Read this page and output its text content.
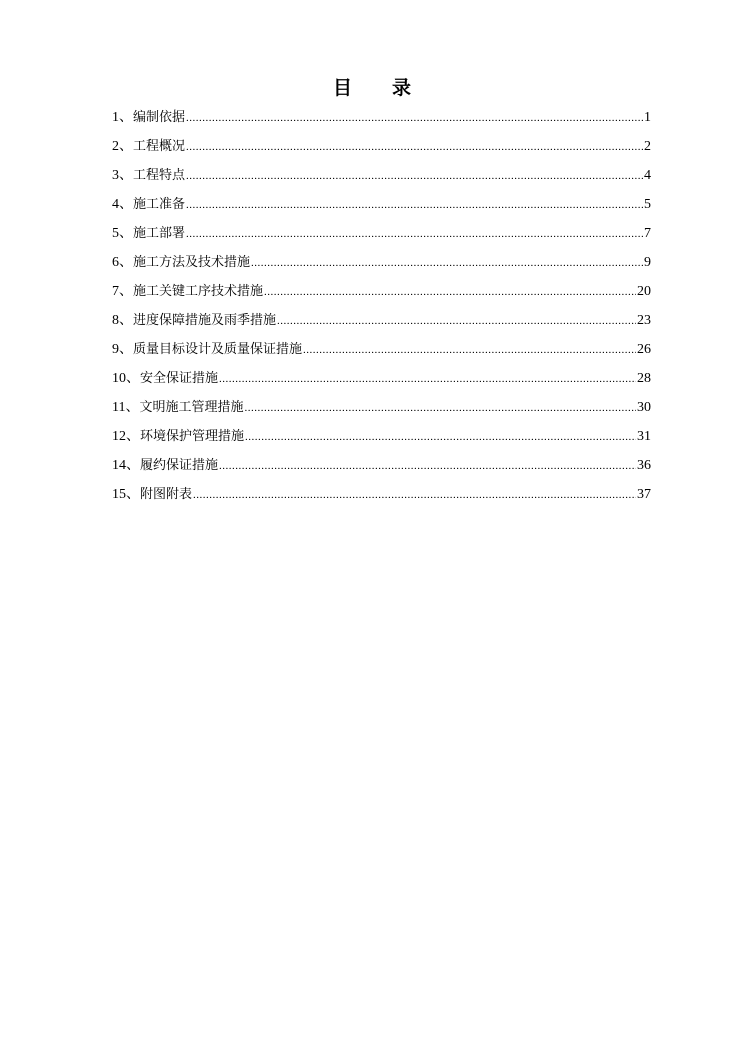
目 录
1、编制依据 .....	1
2、工程概况 .....	2
3、工程特点 .....	4
4、施工准备 .....	5
5、施工部署 .....	7
6、施工方法及技术措施 .....	9
7、施工关键工序技术措施 .....	20
8、进度保障措施及雨季措施 .....	23
9、质量目标设计及质量保证措施 .....	26
10、安全保证措施 .....	28
11、文明施工管理措施 .....	30
12、环境保护管理措施 .....	31
14、履约保证措施 .....	36
15、附图附表 .....	37
